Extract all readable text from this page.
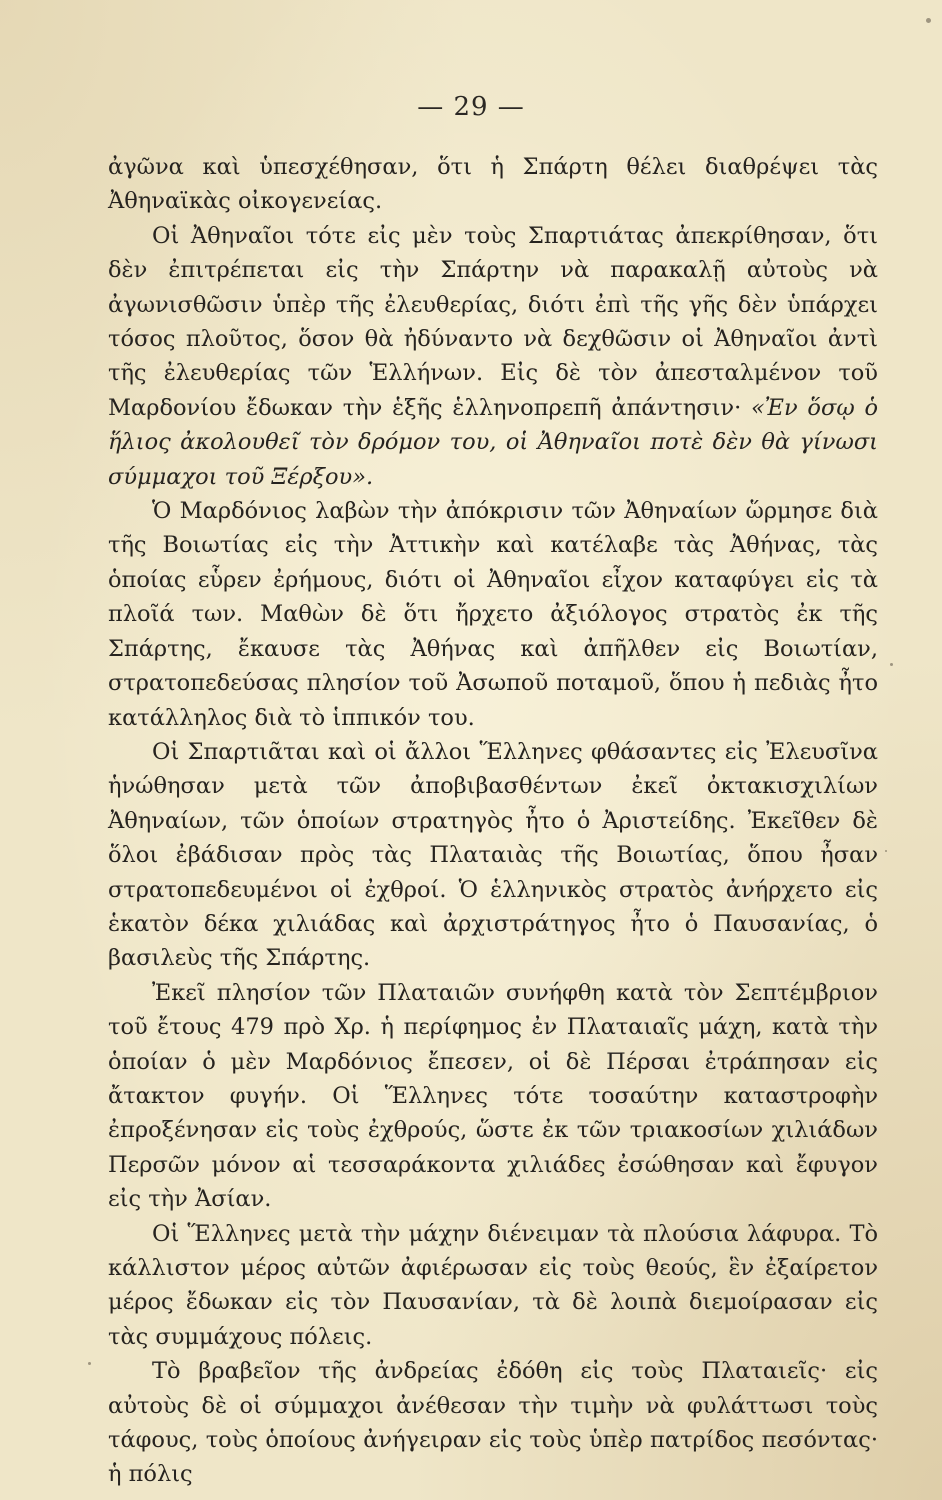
— 29 —

ἀγῶνα καὶ ὑπεσχέθησαν, ὅτι ἡ Σπάρτη θέλει διαθρέψει τὰς Ἀθηναϊκὰς οἰκογενείας.

Οἱ Ἀθηναῖοι τότε εἰς μὲν τοὺς Σπαρτιάτας ἀπεκρίθησαν, ὅτι δὲν ἐπιτρέπεται εἰς τὴν Σπάρτην νὰ παρακαλῇ αὐτοὺς νὰ ἀγωνισθῶσιν ὑπὲρ τῆς ἐλευθερίας, διότι ἐπὶ τῆς γῆς δὲν ὑπάρχει τόσος πλοῦτος, ὅσον θὰ ἠδύναντο νὰ δεχθῶσιν οἱ Ἀθηναῖοι ἀντὶ τῆς ἐλευθερίας τῶν Ἑλλήνων. Εἰς δὲ τὸν ἀπεσταλμένον τοῦ Μαρδονίου ἔδωκαν τὴν ἑξῆς ἑλληνοπρεπῆ ἀπάντησιν· «Ἐν ὅσῳ ὁ ἥλιος ἀκολουθεῖ τὸν δρόμον του, οἱ Ἀθηναῖοι ποτὲ δὲν θὰ γίνωσι σύμμαχοι τοῦ Ξέρξου».

Ὁ Μαρδόνιος λαβὼν τὴν ἀπόκρισιν τῶν Ἀθηναίων ὥρμησε διὰ τῆς Βοιωτίας εἰς τὴν Ἀττικὴν καὶ κατέλαβε τὰς Ἀθήνας, τὰς ὁποίας εὗρεν ἐρήμους, διότι οἱ Ἀθηναῖοι εἶχον καταφύγει εἰς τὰ πλοῖά των. Μαθὼν δὲ ὅτι ἤρχετο ἀξιόλογος στρατὸς ἐκ τῆς Σπάρτης, ἔκαυσε τὰς Ἀθήνας καὶ ἀπῆλθεν εἰς Βοιωτίαν, στρατοπεδεύσας πλησίον τοῦ Ἀσωποῦ ποταμοῦ, ὅπου ἡ πεδιὰς ἦτο κατάλληλος διὰ τὸ ἱππικόν του.

Οἱ Σπαρτιᾶται καὶ οἱ ἄλλοι Ἕλληνες φθάσαντες εἰς Ἐλευσῖνα ἡνώθησαν μετὰ τῶν ἀποβιβασθέντων ἐκεῖ ὀκτακισχιλίων Ἀθηναίων, τῶν ὁποίων στρατηγὸς ἦτο ὁ Ἀριστείδης. Ἐκεῖθεν δὲ ὅλοι ἐβάδισαν πρὸς τὰς Πλαταιὰς τῆς Βοιωτίας, ὅπου ἦσαν στρατοπεδευμένοι οἱ ἐχθροί. Ὁ ἑλληνικὸς στρατὸς ἀνήρχετο εἰς ἑκατὸν δέκα χιλιάδας καὶ ἀρχιστράτηγος ἦτο ὁ Παυσανίας, ὁ βασιλεὺς τῆς Σπάρτης.

Ἐκεῖ πλησίον τῶν Πλαταιῶν συνήφθη κατὰ τὸν Σεπτέμβριον τοῦ ἔτους 479 πρὸ Χρ. ἡ περίφημος ἐν Πλαταιαῖς μάχη, κατὰ τὴν ὁποίαν ὁ μὲν Μαρδόνιος ἔπεσεν, οἱ δὲ Πέρσαι ἐτράπησαν εἰς ἄτακτον φυγήν. Οἱ Ἕλληνες τότε τοσαύτην καταστροφὴν ἐπροξένησαν εἰς τοὺς ἐχθρούς, ὥστε ἐκ τῶν τριακοσίων χιλιάδων Περσῶν μόνον αἱ τεσσαράκοντα χιλιάδες ἐσώθησαν καὶ ἔφυγον εἰς τὴν Ἀσίαν.

Οἱ Ἕλληνες μετὰ τὴν μάχην διένειμαν τὰ πλούσια λάφυρα. Τὸ κάλλιστον μέρος αὐτῶν ἀφιέρωσαν εἰς τοὺς θεούς, ἓν ἐξαίρετον μέρος ἔδωκαν εἰς τὸν Παυσανίαν, τὰ δὲ λοιπὰ διεμοίρασαν εἰς τὰς συμμάχους πόλεις.

Τὸ βραβεῖον τῆς ἀνδρείας ἐδόθη εἰς τοὺς Πλαταιεῖς· εἰς αὐτοὺς δὲ οἱ σύμμαχοι ἀνέθεσαν τὴν τιμὴν νὰ φυλάττωσι τοὺς τάφους, τοὺς ὁποίους ἀνήγειραν εἰς τοὺς ὑπὲρ πατρίδος πεσόντας· ἡ πόλις
